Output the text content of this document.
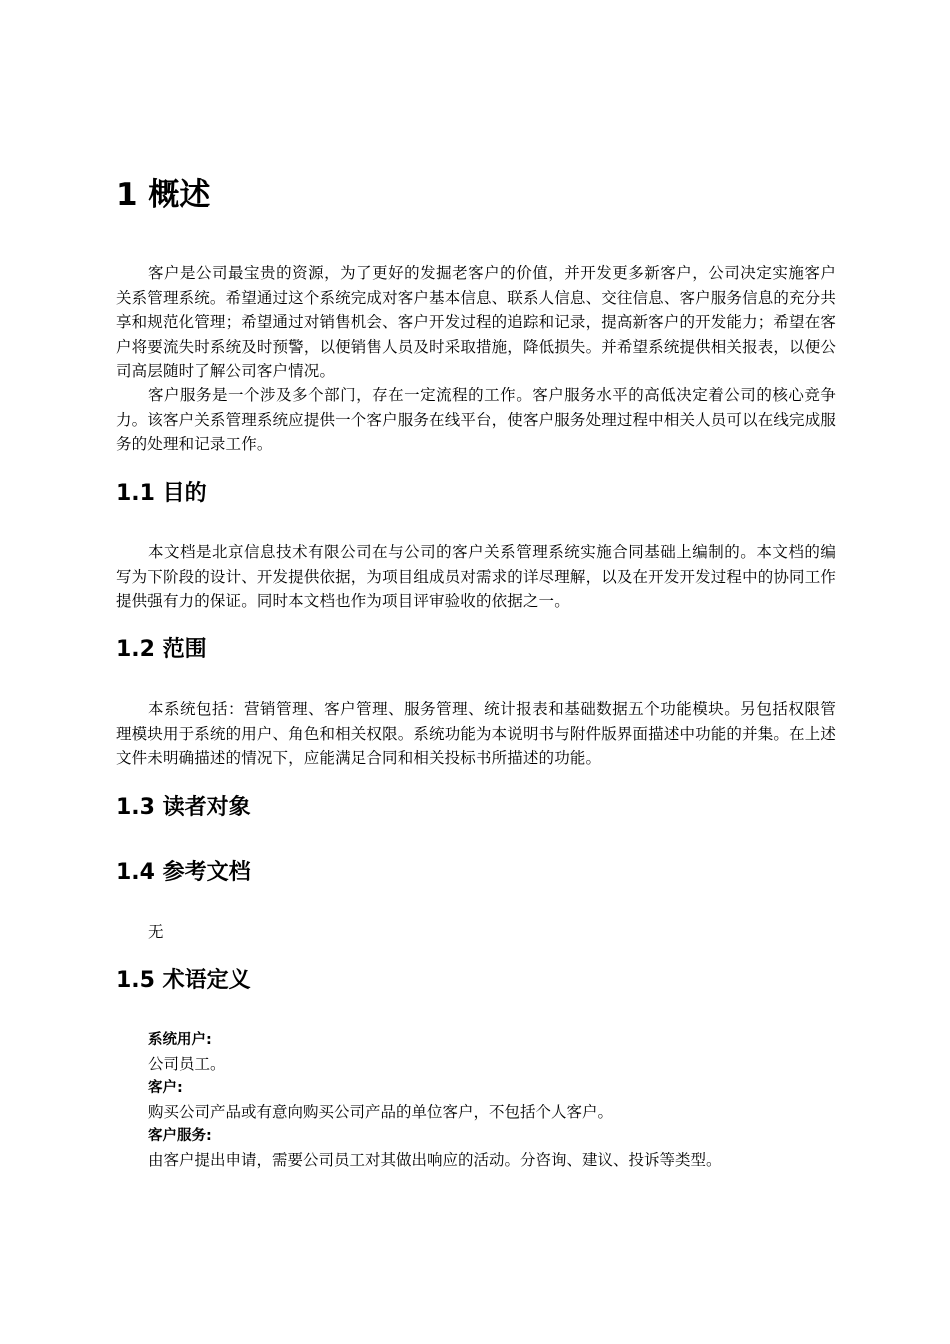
1 概述

客户是公司最宝贵的资源，为了更好的发掘老客户的价值，并开发更多新客户，公司决定实施客户关系管理系统。希望通过这个系统完成对客户基本信息、联系人信息、交往信息、客户服务信息的充分共享和规范化管理；希望通过对销售机会、客户开发过程的追踪和记录，提高新客户的开发能力；希望在客户将要流失时系统及时预警，以便销售人员及时采取措施，降低损失。并希望系统提供相关报表，以便公司高层随时了解公司客户情况。

客户服务是一个涉及多个部门，存在一定流程的工作。客户服务水平的高低决定着公司的核心竞争力。该客户关系管理系统应提供一个客户服务在线平台，使客户服务处理过程中相关人员可以在线完成服务的处理和记录工作。

1.1 目的

本文档是北京信息技术有限公司在与公司的客户关系管理系统实施合同基础上编制的。本文档的编写为下阶段的设计、开发提供依据，为项目组成员对需求的详尽理解，以及在开发开发过程中的协同工作提供强有力的保证。同时本文档也作为项目评审验收的依据之一。

1.2 范围

本系统包括：营销管理、客户管理、服务管理、统计报表和基础数据五个功能模块。另包括权限管理模块用于系统的用户、角色和相关权限。系统功能为本说明书与附件版界面描述中功能的并集。在上述文件未明确描述的情况下，应能满足合同和相关投标书所描述的功能。

1.3 读者对象
1.4 参考文档

无

1.5 术语定义
系统用户:
公司员工。
客户:
购买公司产品或有意向购买公司产品的单位客户，不包括个人客户。
客户服务:
由客户提出申请，需要公司员工对其做出响应的活动。分咨询、建议、投诉等类型。
